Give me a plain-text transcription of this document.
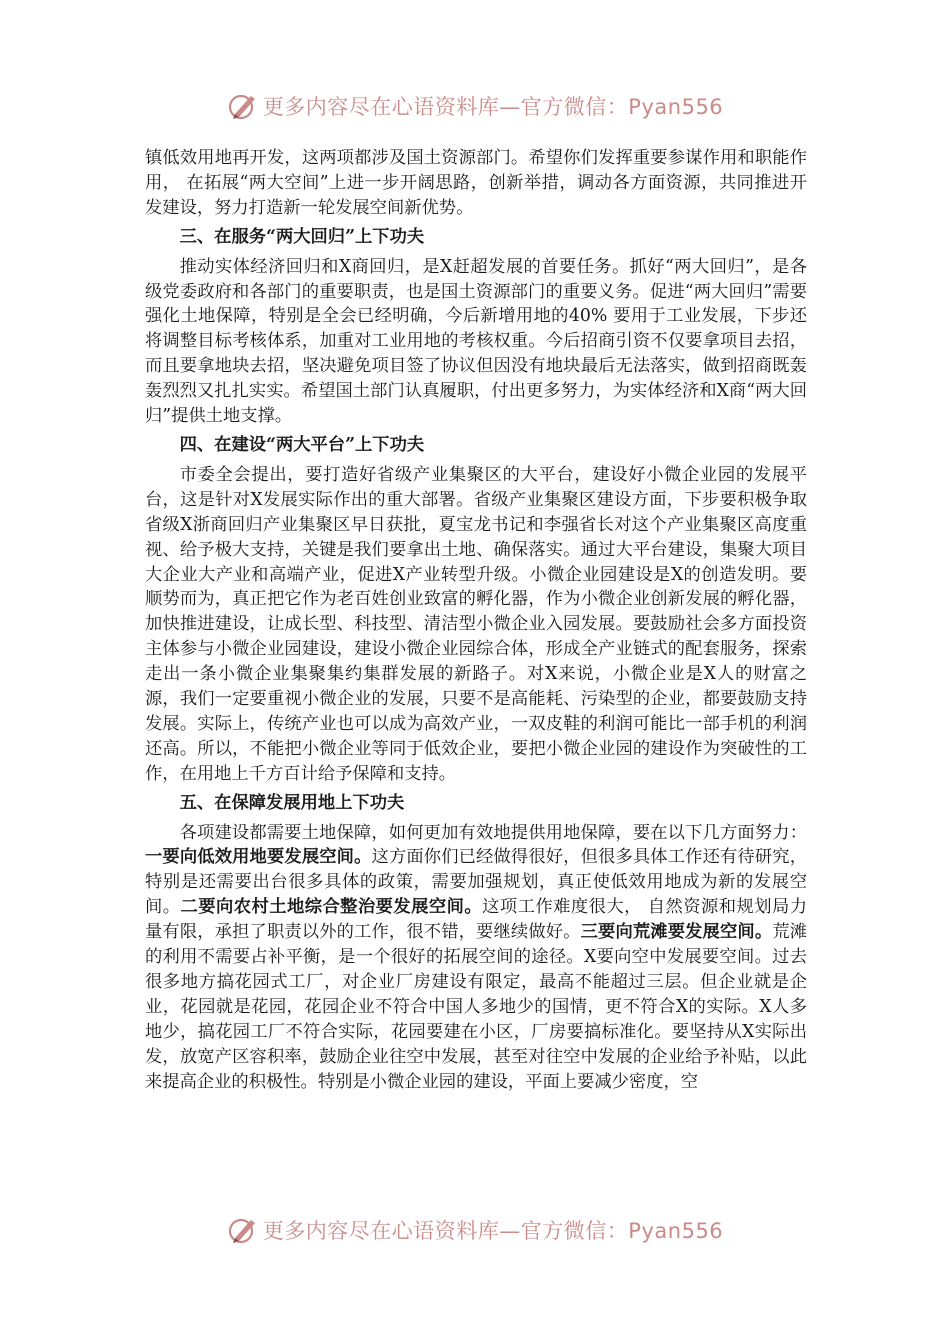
更多内容尽在心语资料库—官方微信：Pyan556

镇低效用地再开发，这两项都涉及国土资源部门。希望你们发挥重要参谋作用和职能作用， 在拓展“两大空间”上进一步开阔思路，创新举措，调动各方面资源，共同推进开发建设，努力打造新一轮发展空间新优势。

三、在服务“两大回归”上下功夫

推动实体经济回归和X商回归，是X赶超发展的首要任务。抓好“两大回归”，是各级党委政府和各部门的重要职责，也是国土资源部门的重要义务。促进“两大回归”需要强化土地保障，特别是全会已经明确，今后新增用地的40% 要用于工业发展，下步还将调整目标考核体系，加重对工业用地的考核权重。今后招商引资不仅要拿项目去招，而且要拿地块去招，坚决避免项目签了协议但因没有地块最后无法落实，做到招商既轰轰烈烈又扎扎实实。希望国土部门认真履职，付出更多努力，为实体经济和X商“两大回归”提供土地支撑。

四、在建设“两大平台”上下功夫

市委全会提出，要打造好省级产业集聚区的大平台，建设好小微企业园的发展平台，这是针对X发展实际作出的重大部署。省级产业集聚区建设方面，下步要积极争取省级X浙商回归产业集聚区早日获批，夏宝龙书记和李强省长对这个产业集聚区高度重视、给予极大支持，关键是我们要拿出土地、确保落实。通过大平台建设，集聚大项目大企业大产业和高端产业，促进X产业转型升级。小微企业园建设是X的创造发明。要顺势而为，真正把它作为老百姓创业致富的孵化器，作为小微企业创新发展的孵化器，加快推进建设，让成长型、科技型、清洁型小微企业入园发展。要鼓励社会多方面投资主体参与小微企业园建设，建设小微企业园综合体，形成全产业链式的配套服务，探索走出一条小微企业集聚集约集群发展的新路子。对X来说，小微企业是X人的财富之源，我们一定要重视小微企业的发展，只要不是高能耗、污染型的企业，都要鼓励支持发展。实际上，传统产业也可以成为高效产业，一双皮鞋的利润可能比一部手机的利润还高。所以，不能把小微企业等同于低效企业，要把小微企业园的建设作为突破性的工作，在用地上千方百计给予保障和支持。

五、在保障发展用地上下功夫

各项建设都需要土地保障，如何更加有效地提供用地保障，要在以下几方面努力：一要向低效用地要发展空间。这方面你们已经做得很好，但很多具体工作还有待研究，特别是还需要出台很多具体的政策，需要加强规划，真正使低效用地成为新的发展空间。二要向农村土地综合整治要发展空间。这项工作难度很大， 自然资源和规划局力量有限，承担了职责以外的工作，很不错，要继续做好。三要向荒滩要发展空间。荒滩的利用不需要占补平衡，是一个很好的拓展空间的途径。X要向空中发展要空间。过去很多地方搞花园式工厂，对企业厂房建设有限定，最高不能超过三层。但企业就是企业，花园就是花园，花园企业不符合中国人多地少的国情，更不符合X的实际。X人多地少，搞花园工厂不符合实际，花园要建在小区，厂房要搞标准化。要坚持从X实际出发，放宽产区容积率，鼓励企业往空中发展，甚至对往空中发展的企业给予补贴，以此来提高企业的积极性。特别是小微企业园的建设，平面上要减少密度，空

更多内容尽在心语资料库—官方微信：Pyan556
